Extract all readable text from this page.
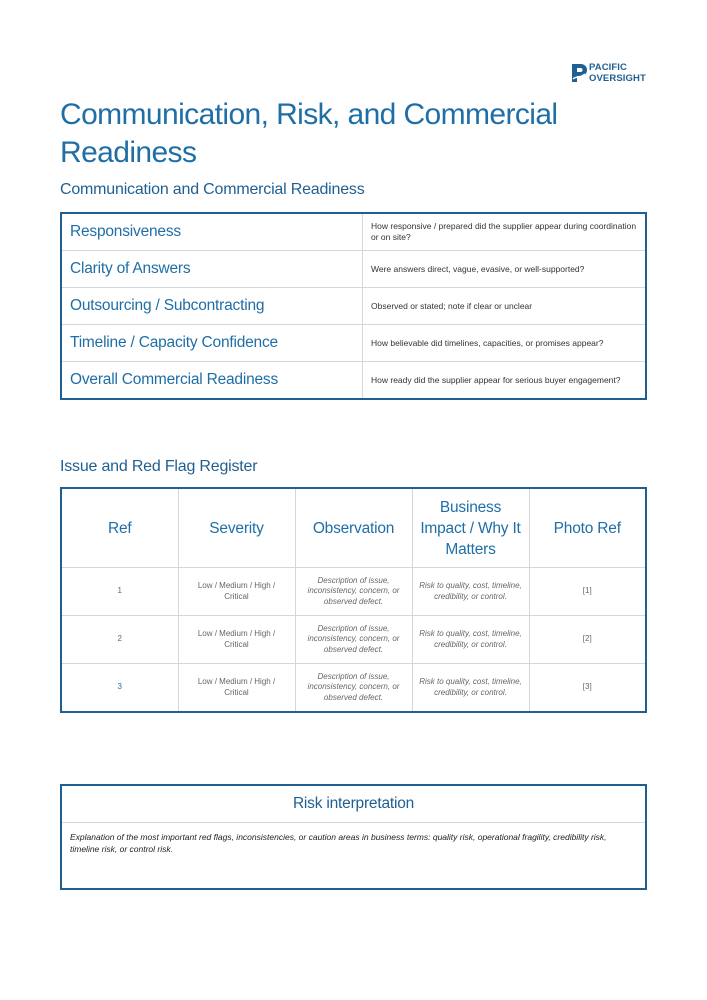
PACIFIC
OVERSIGHT
Communication, Risk, and Commercial Readiness
Communication and Commercial Readiness
Responsiveness	How responsive / prepared did the supplier appear during coordination or on site?
Clarity of Answers	Were answers direct, vague, evasive, or well-supported?
Outsourcing / Subcontracting	Observed or stated; note if clear or unclear
Timeline / Capacity Confidence	How believable did timelines, capacities, or promises appear?
Overall Commercial Readiness	How ready did the supplier appear for serious buyer engagement?
Issue and Red Flag Register
Ref	Severity	Observation	Business Impact / Why It Matters	Photo Ref
1	Low / Medium / High / Critical	Description of issue, inconsistency, concern, or observed defect.	Risk to quality, cost, timeline, credibility, or control.	[1]
2	Low / Medium / High / Critical	Description of issue, inconsistency, concern, or observed defect.	Risk to quality, cost, timeline, credibility, or control.	[2]
3	Low / Medium / High / Critical	Description of issue, inconsistency, concern, or observed defect.	Risk to quality, cost, timeline, credibility, or control.	[3]
Risk interpretation
Explanation of the most important red flags, inconsistencies, or caution areas in business terms: quality risk, operational fragility, credibility risk, timeline risk, or control risk.
